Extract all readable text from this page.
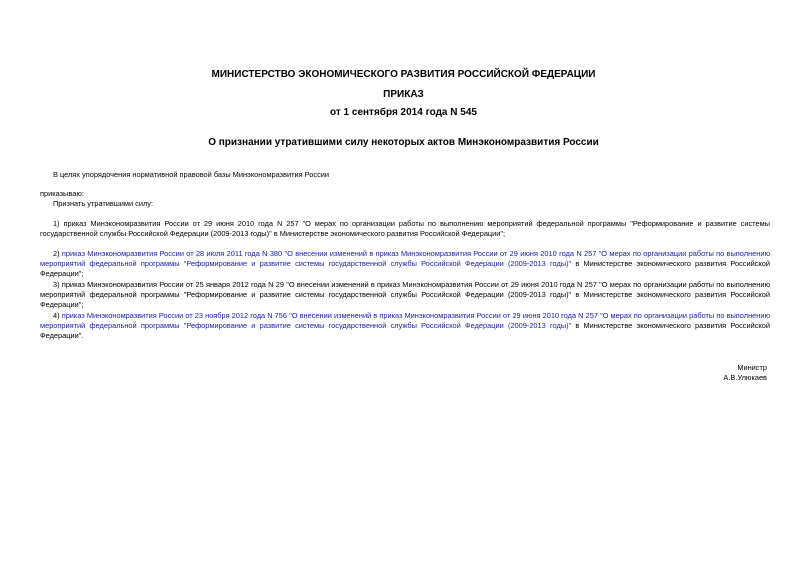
МИНИСТЕРСТВО ЭКОНОМИЧЕСКОГО РАЗВИТИЯ РОССИЙСКОЙ ФЕДЕРАЦИИ
ПРИКАЗ
от 1 сентября 2014 года N 545
О признании утратившими силу некоторых актов Минэкономразвития России
В целях упорядочения нормативной правовой базы Минэкономразвития России
приказываю:
Признать утратившими силу:
1) приказ Минэкономразвития России от 29 июня 2010 года N 257 "О мерах по организации работы по выполнению мероприятий федеральной программы "Реформирование и развитие системы государственной службы Российской Федерации (2009-2013 годы)" в Министерстве экономического развития Российской Федерации";
2) приказ Минэкономразвития России от 28 июля 2011 года N 380 "О внесении изменений в приказ Минэкономразвития России от 29 июня 2010 года N 257 "О мерах по организации работы по выполнению мероприятий федеральной программы "Реформирование и развитие системы государственной службы Российской Федерации (2009-2013 годы)" в Министерстве экономического развития Российской Федерации";
3) приказ Минэкономразвития России от 25 января 2012 года N 29 "О внесении изменений в приказ Минэкономразвития России от 29 июня 2010 года N 257 "О мерах по организации работы по выполнению мероприятий федеральной программы "Реформирование и развитие системы государственной службы Российской Федерации (2009-2013 годы)" в Министерстве экономического развития Российской Федерации";
4) приказ Минэкономразвития России от 23 ноября 2012 года N 756 "О внесении изменений в приказ Минэкономразвития России от 29 июня 2010 года N 257 "О мерах по организации работы по выполнению мероприятий федеральной программы "Реформирование и развитие системы государственной службы Российской Федерации (2009-2013 годы)" в Министерстве экономического развития Российской Федерации".
Министр
А.В.Улюкаев
